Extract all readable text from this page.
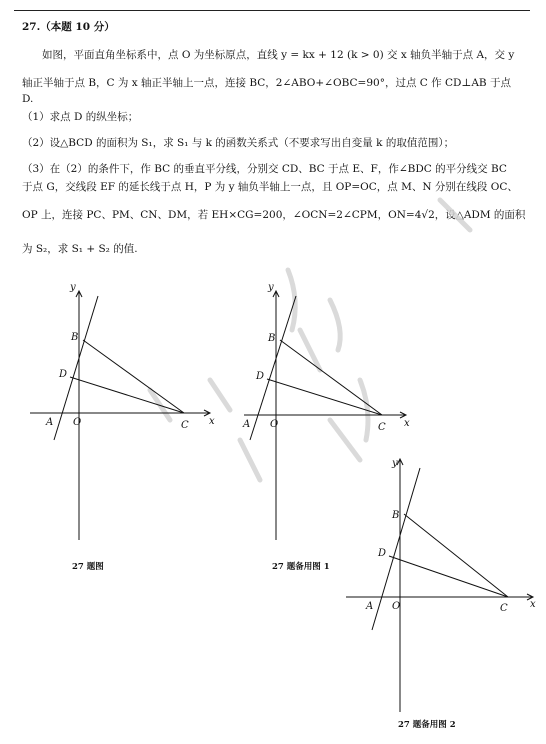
27.（本题 10 分）
如图，平面直角坐标系中，点 O 为坐标原点，直线 y = kx + 12 (k > 0) 交 x 轴负半轴于点 A，交 y
轴正半轴于点 B，C 为 x 轴正半轴上一点，连接 BC，2∠ABO+∠OBC=90°，过点 C 作 CD⊥AB 于点
D.
（1）求点 D 的纵坐标；
（2）设△BCD 的面积为 S₁，求 S₁ 与 k 的函数关系式（不要求写出自变量 k 的取值范围）；
（3）在（2）的条件下，作 BC 的垂直平分线，分别交 CD、BC 于点 E、F，作∠BDC 的平分线交 BC
于点 G，交线段 EF 的延长线于点 H，P 为 y 轴负半轴上一点，且 OP=OC，点 M、N 分别在线段 OC、
OP 上，连接 PC、PM、CN、DM，若 EH×CG=200，∠OCN=2∠CPM，ON=4√2，设△ADM 的面积
为 S₂，求 S₁ + S₂ 的值.
y
x
B
D
A O	C
27 题图
y
x
B
D
A O	C
27 题备用图 1
y
x
B
D
A O	C
27 题备用图 2
